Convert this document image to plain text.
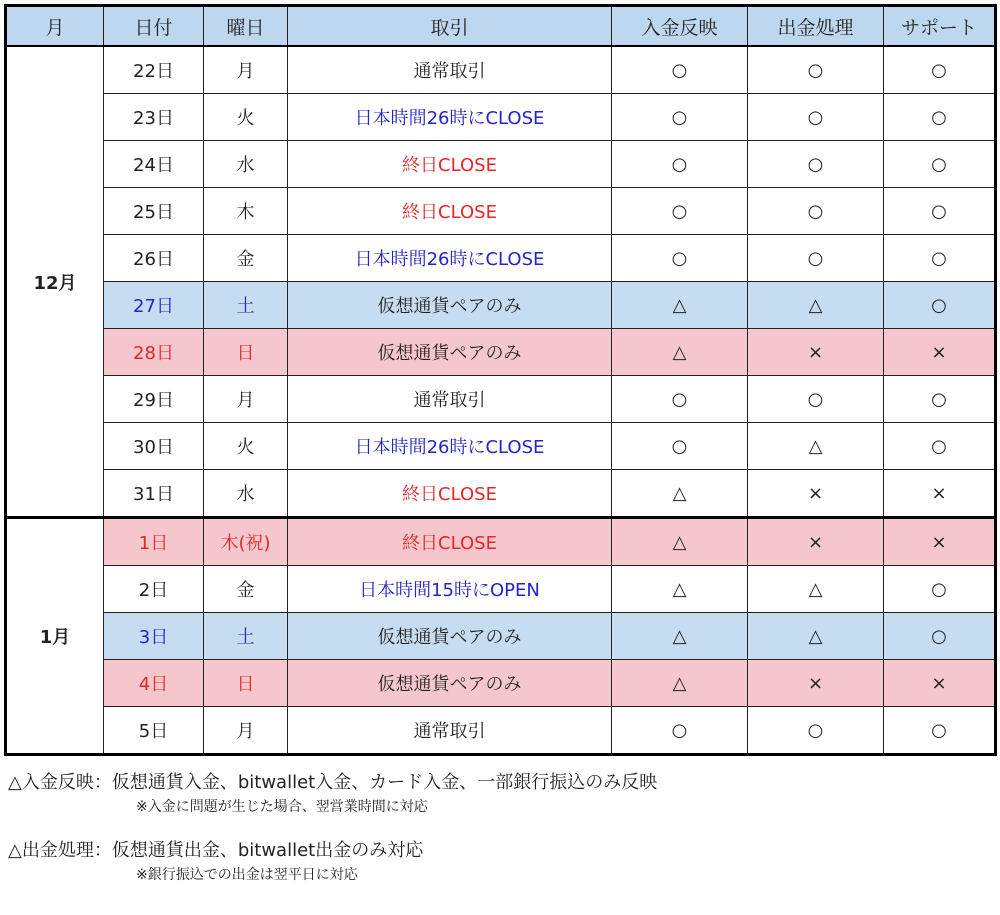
月	日付	曜日	取引	入金反映	出金処理	サポート
12月	22日	月	通常取引	○	○	○
	23日	火	日本時間26時にCLOSE	○	○	○
	24日	水	終日CLOSE	○	○	○
	25日	木	終日CLOSE	○	○	○
	26日	金	日本時間26時にCLOSE	○	○	○
	27日	土	仮想通貨ペアのみ	△	△	○
	28日	日	仮想通貨ペアのみ	△	×	×
	29日	月	通常取引	○	○	○
	30日	火	日本時間26時にCLOSE	○	△	○
	31日	水	終日CLOSE	△	×	×
1月	1日	木(祝)	終日CLOSE	△	×	×
	2日	金	日本時間15時にOPEN	△	△	○
	3日	土	仮想通貨ペアのみ	△	△	○
	4日	日	仮想通貨ペアのみ	△	×	×
	5日	月	通常取引	○	○	○
△入金反映：仮想通貨入金、bitwallet入金、カード入金、一部銀行振込のみ反映
※入金に問題が生じた場合、翌営業時間に対応
△出金処理：仮想通貨出金、bitwallet出金のみ対応
※銀行振込での出金は翌平日に対応
